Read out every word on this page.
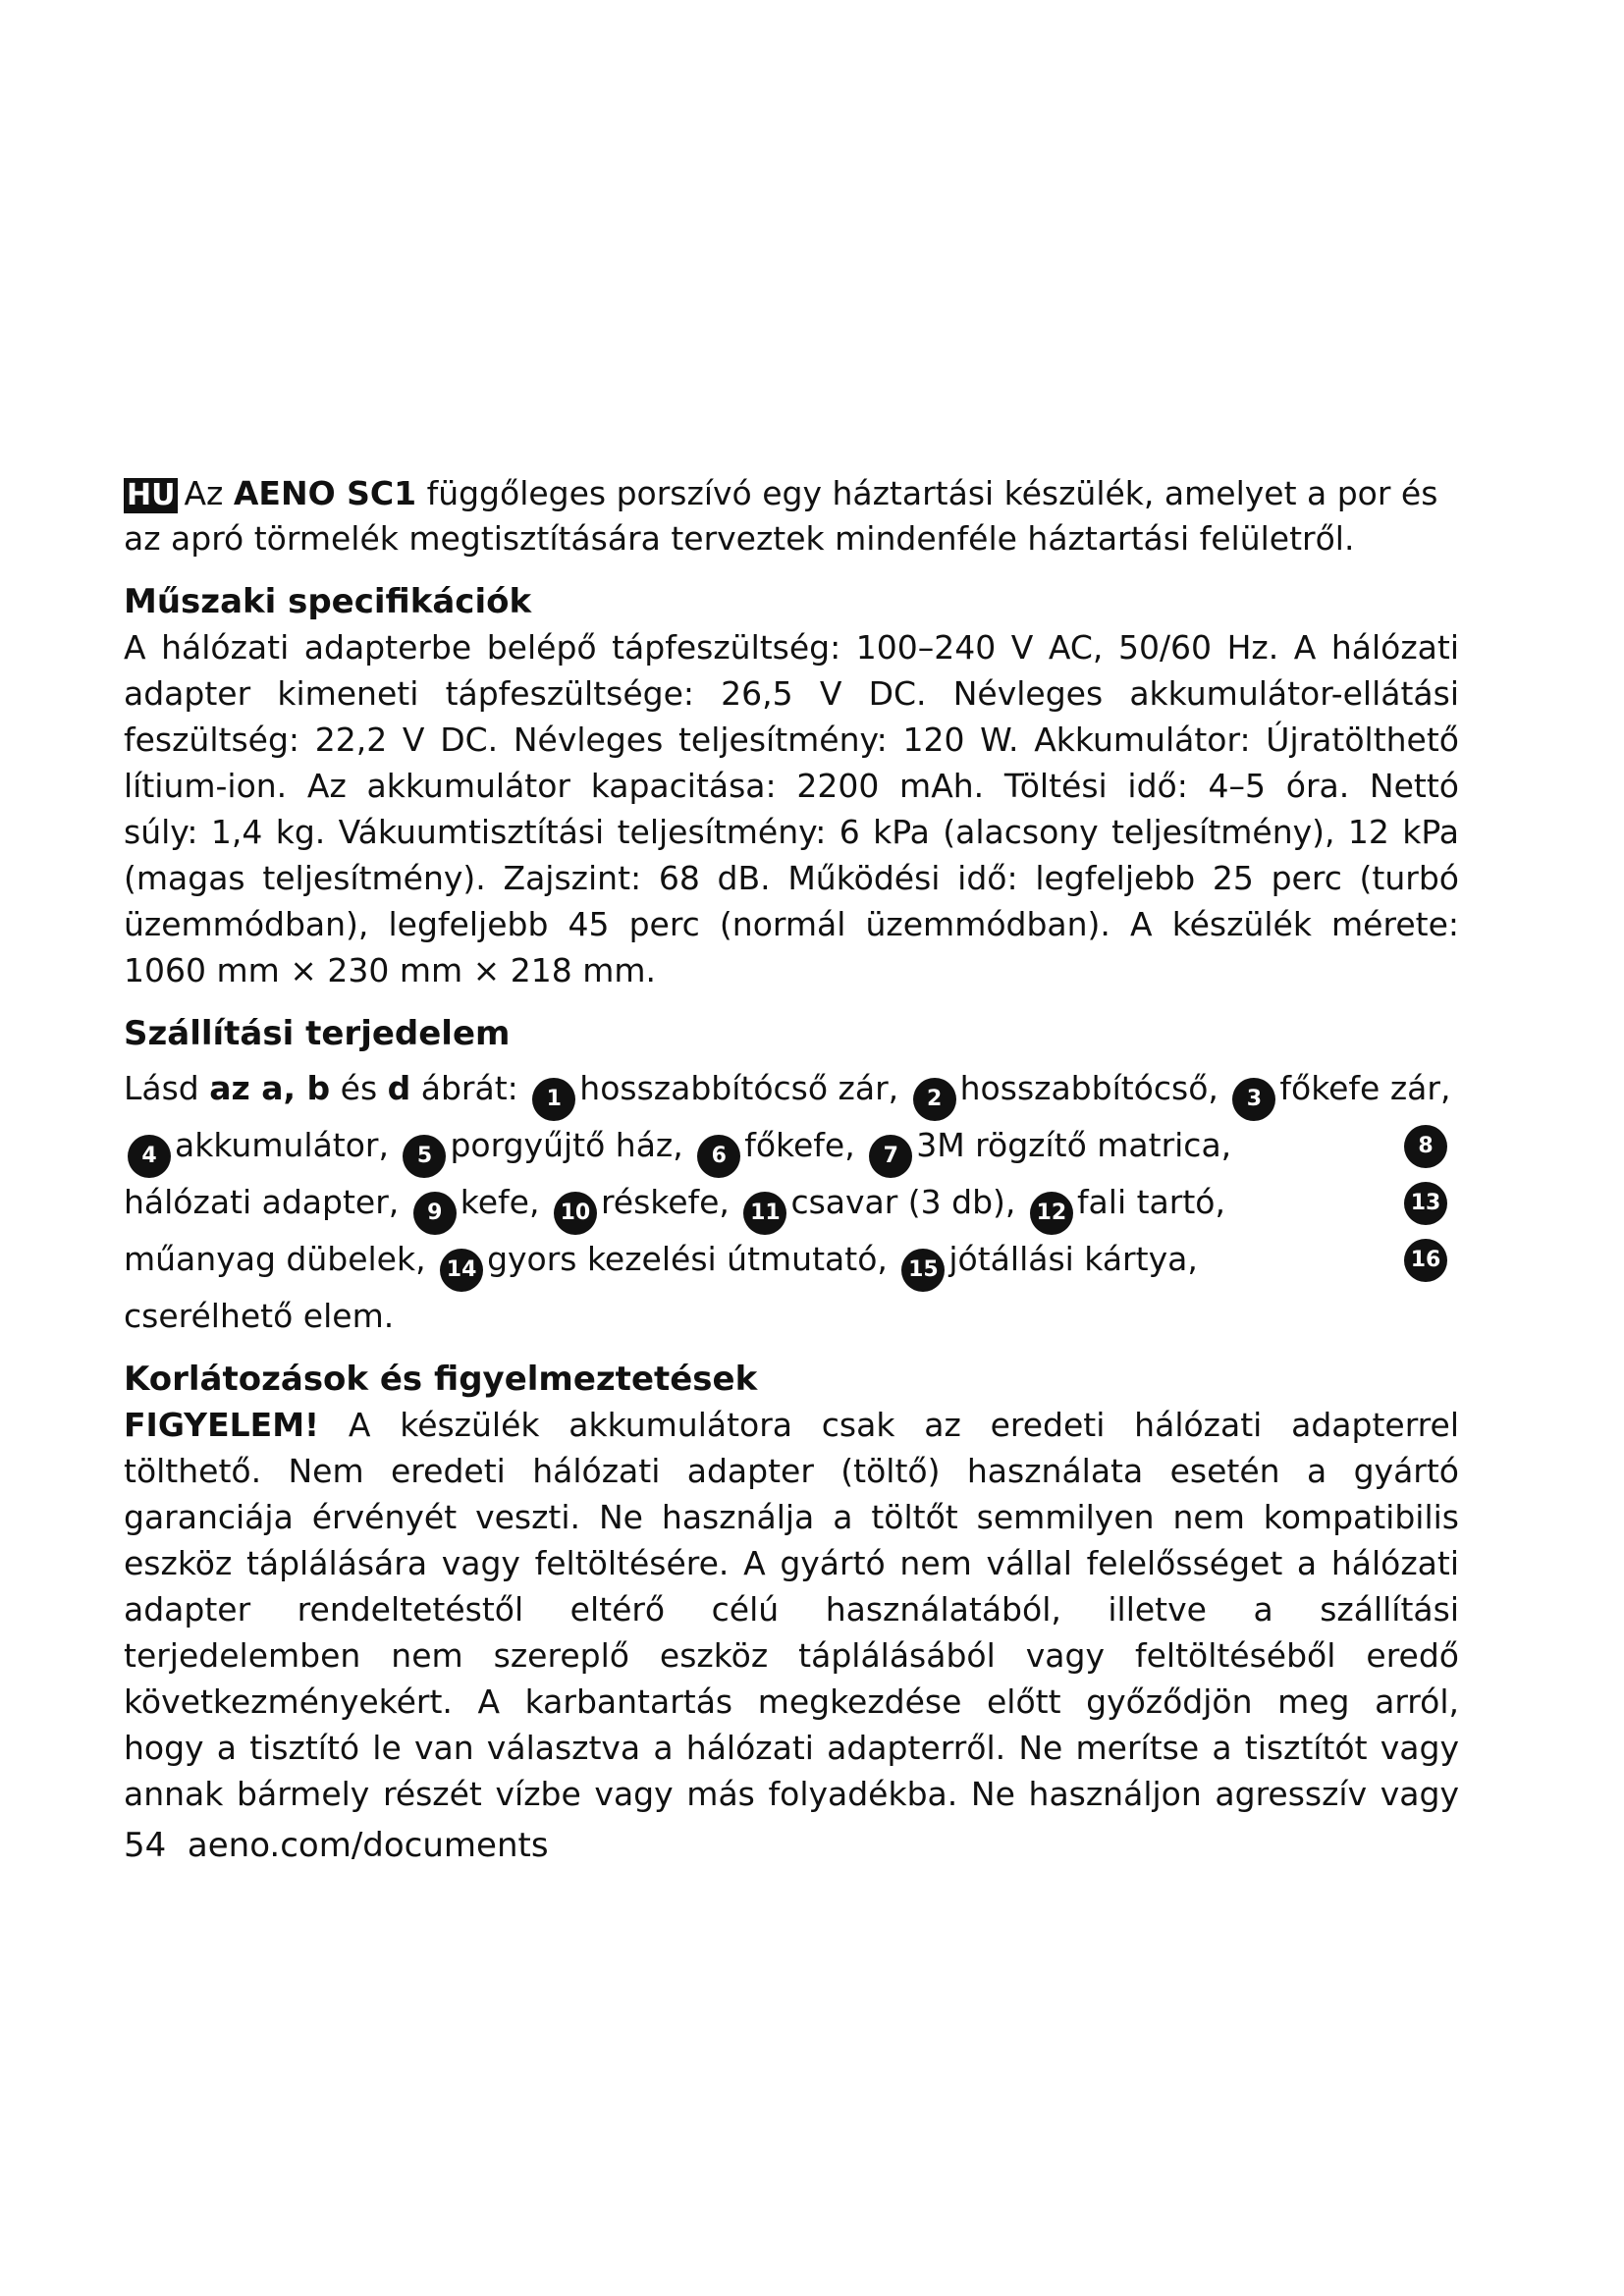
HU Az AENO SC1 függőleges porszívó egy háztartási készülék, amelyet a por és
az apró törmelék megtisztítására terveztek mindenféle háztartási felületről.
Műszaki specifikációk

A hálózati adapterbe belépő tápfeszültség: 100–240 V AC, 50/60 Hz. A hálózati

adapter kimeneti tápfeszültsége: 26,5 V DC. Névleges akkumulátor-ellátási

feszültség: 22,2 V DC. Névleges teljesítmény: 120 W. Akkumulátor: Újratölthető

lítium-ion. Az akkumulátor kapacitása: 2200 mAh. Töltési idő: 4–5 óra. Nettó

súly: 1,4 kg. Vákuumtisztítási teljesítmény: 6 kPa (alacsony teljesítmény), 12 kPa

(magas teljesítmény). Zajszint: 68 dB. Működési idő: legfeljebb 25 perc (turbó

üzemmódban), legfeljebb 45 perc (normál üzemmódban). A készülék mérete:

1060 mm × 230 mm × 218 mm.

Szállítási terjedelem
Lásd az a, b és d ábrát: 1 hosszabbítócső zár, 2 hosszabbítócső, 3 főkefe zár,
4 akkumulátor, 5 porgyűjtő ház, 6 főkefe, 7 3M rögzítő matrica,	8
hálózati adapter, 9 kefe, 10 réskefe, 11 csavar (3 db), 12 fali tartó,	13
műanyag dübelek, 14 gyors kezelési útmutató, 15 jótállási kártya,	16
cserélhető elem.
Korlátozások és figyelmeztetések

FIGYELEM! A készülék akkumulátora csak az eredeti hálózati adapterrel

tölthető. Nem eredeti hálózati adapter (töltő) használata esetén a gyártó

garanciája érvényét veszti. Ne használja a töltőt semmilyen nem kompatibilis

eszköz táplálására vagy feltöltésére. A gyártó nem vállal felelősséget a hálózati

adapter rendeltetéstől eltérő célú használatából, illetve a szállítási

terjedelemben nem szereplő eszköz táplálásából vagy feltöltéséből eredő

következményekért. A karbantartás megkezdése előtt győződjön meg arról,

hogy a tisztító le van választva a hálózati adapterről. Ne merítse a tisztítót vagy

annak bármely részét vízbe vagy más folyadékba. Ne használjon agresszív vagy

54 aeno.com/documents
